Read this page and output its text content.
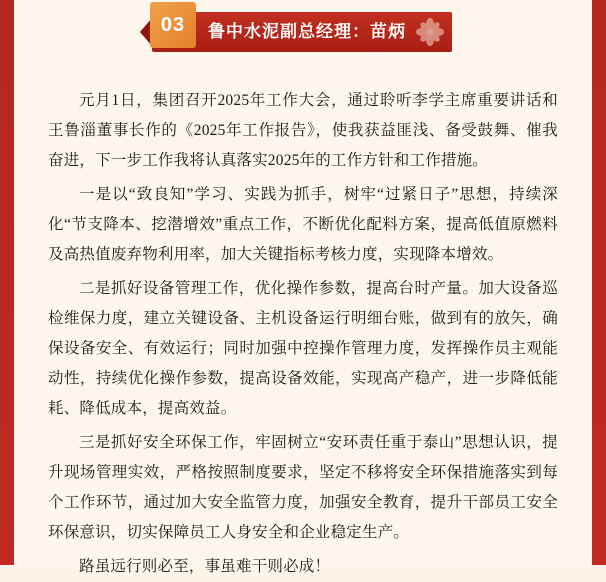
03	鲁中水泥副总经理：苗炳

元月1日，集团召开2025年工作大会，通过聆听李学主席重要讲话和王鲁淄董事长作的《2025年工作报告》，使我获益匪浅、备受鼓舞、催我奋进，下一步工作我将认真落实2025年的工作方针和工作措施。

一是以“致良知”学习、实践为抓手，树牢“过紧日子”思想，持续深化“节支降本、挖潜增效”重点工作，不断优化配料方案，提高低值原燃料及高热值废弃物利用率，加大关键指标考核力度，实现降本增效。

二是抓好设备管理工作，优化操作参数，提高台时产量。加大设备巡检维保力度，建立关键设备、主机设备运行明细台账，做到有的放矢，确保设备安全、有效运行；同时加强中控操作管理力度，发挥操作员主观能动性，持续优化操作参数，提高设备效能，实现高产稳产，进一步降低能耗、降低成本，提高效益。

三是抓好安全环保工作，牢固树立“安环责任重于泰山”思想认识，提升现场管理实效，严格按照制度要求，坚定不移将安全环保措施落实到每个工作环节，通过加大安全监管力度，加强安全教育，提升干部员工安全环保意识，切实保障员工人身安全和企业稳定生产。

路虽远行则必至，事虽难干则必成！
